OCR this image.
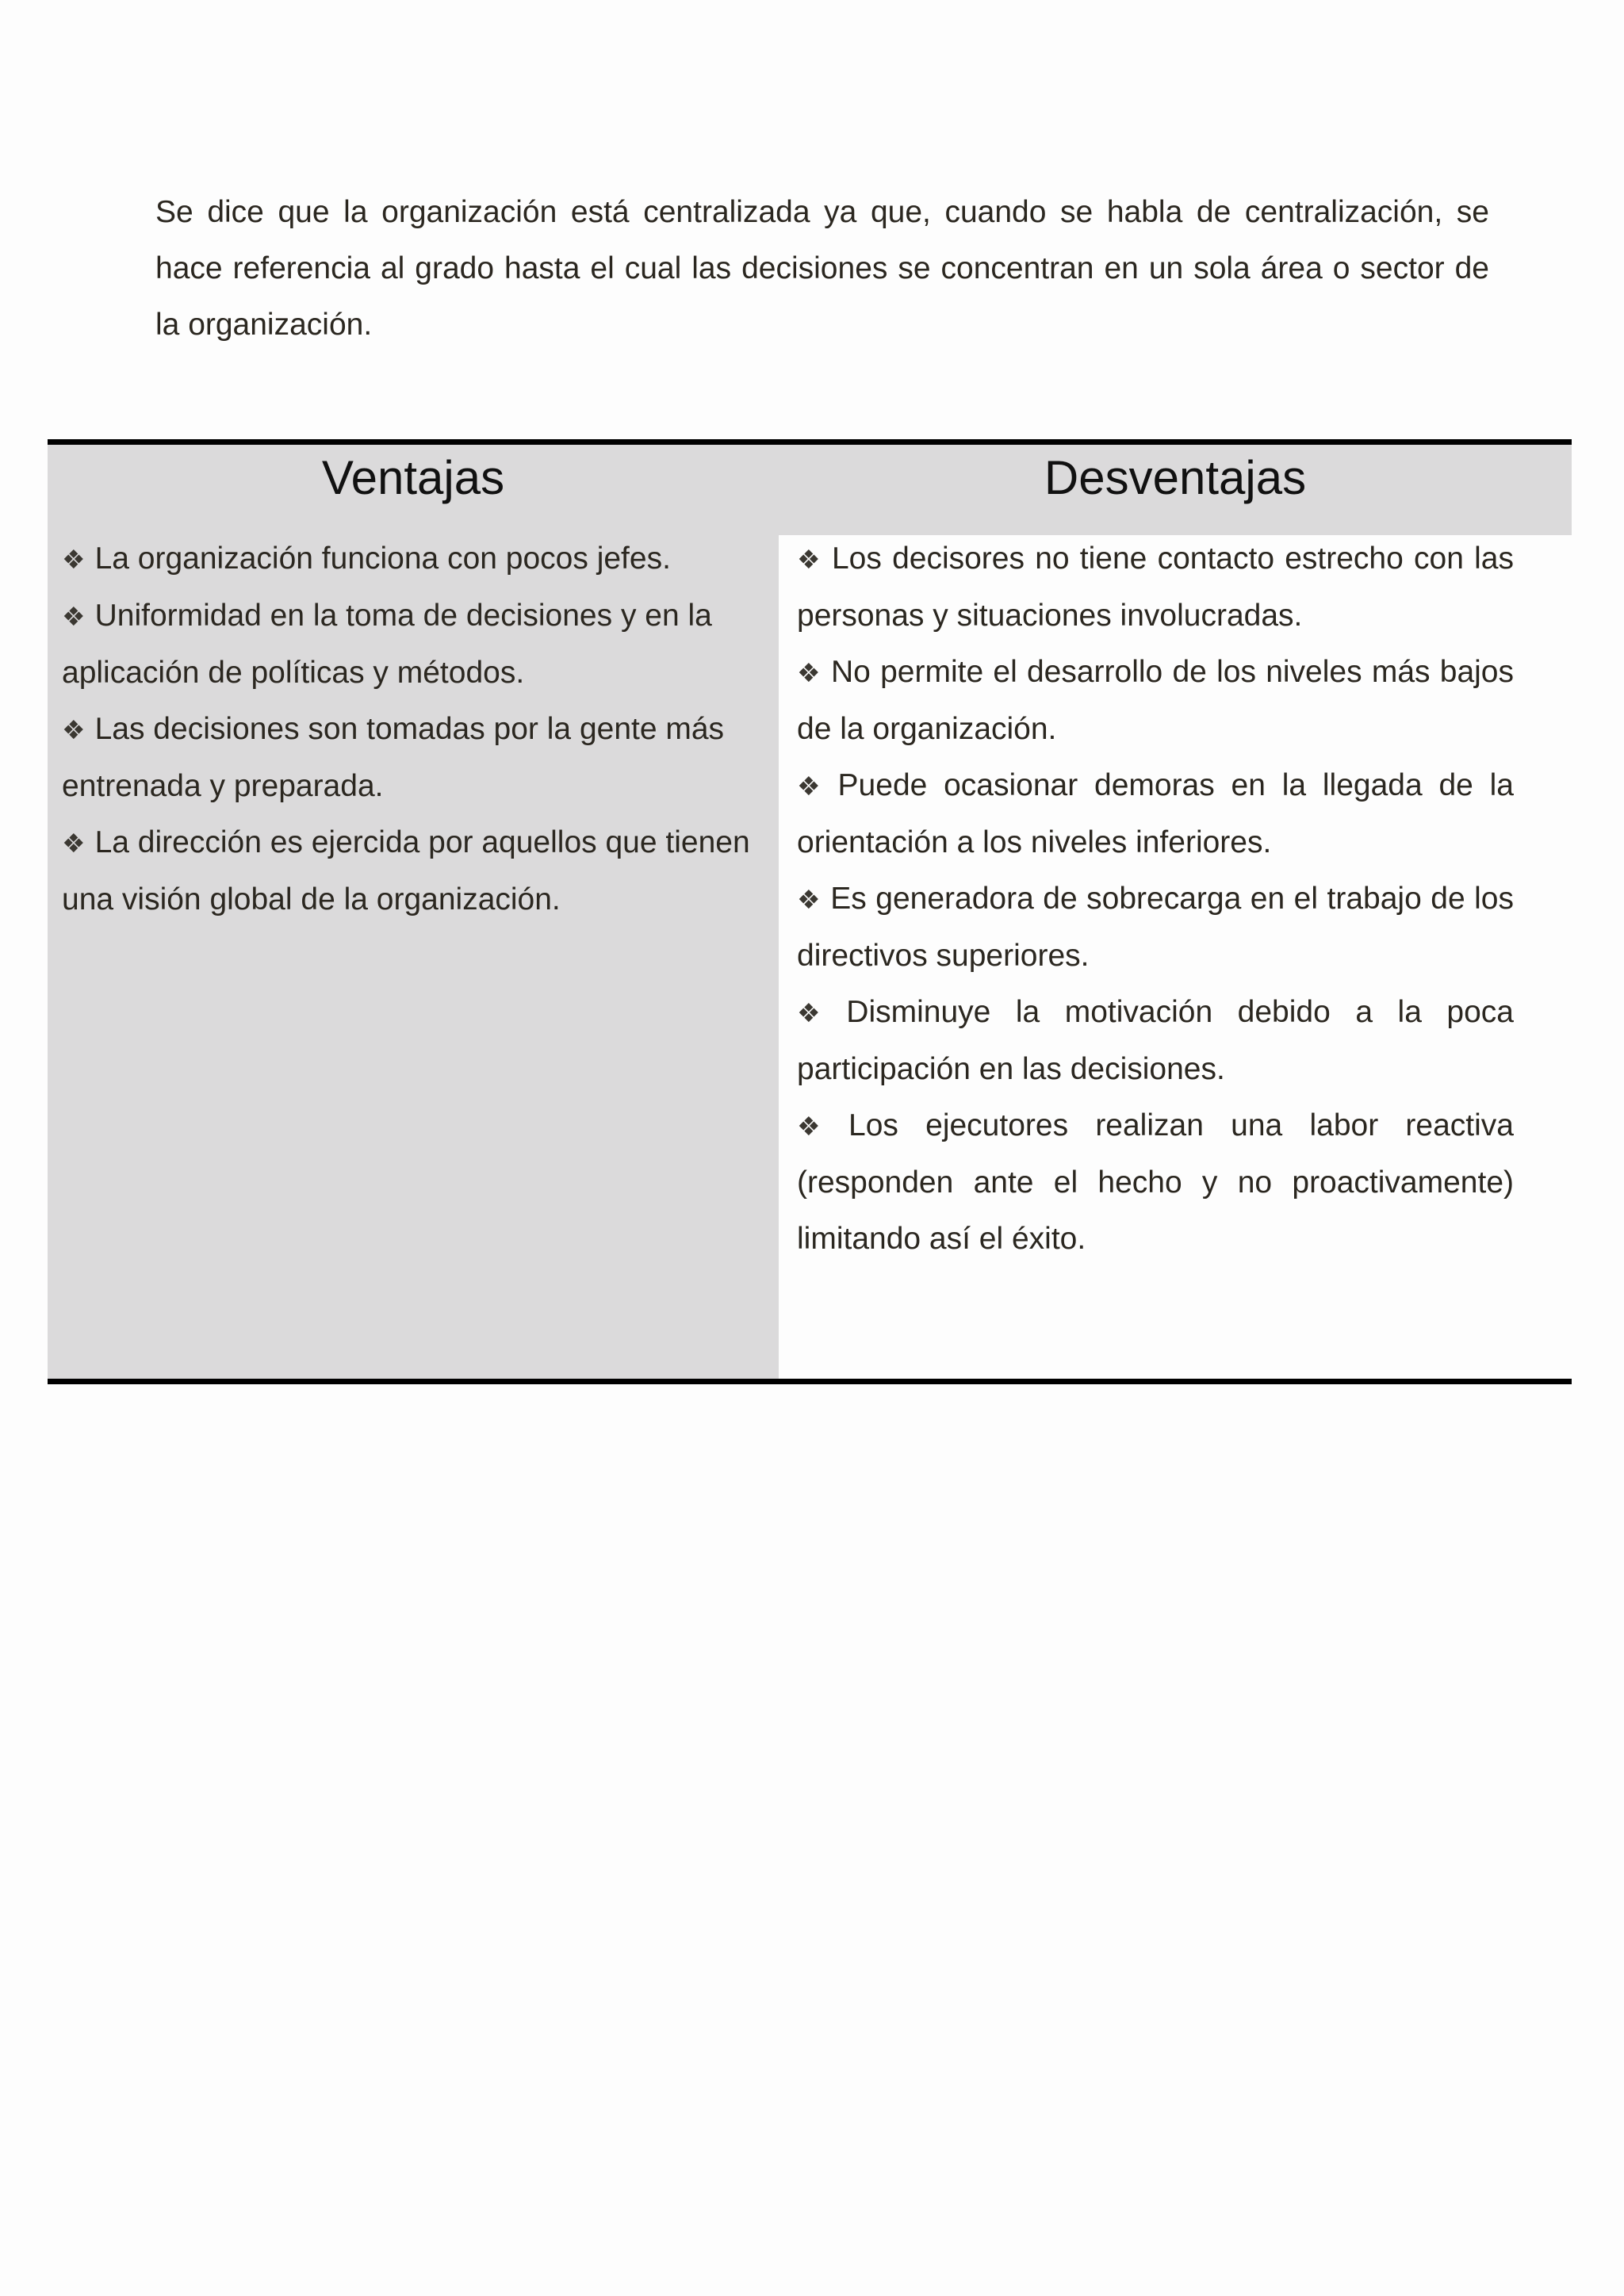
Se dice que la organización está centralizada ya que, cuando se habla de centralización, se hace referencia al grado hasta el cual las decisiones se concentran en un sola área o sector de la organización.

Ventajas	Desventajas
❖ La organización funciona con pocos jefes.
❖ Uniformidad en la toma de decisiones y en la aplicación de políticas y métodos.
❖ Las decisiones son tomadas por la gente más entrenada y preparada.
❖ La dirección es ejercida por aquellos que tienen una visión global de la organización.
❖ Los decisores no tiene contacto estrecho con las personas y situaciones involucradas.
❖ No permite el desarrollo de los niveles más bajos de la organización.
❖ Puede ocasionar demoras en la llegada de la orientación a los niveles inferiores.
❖ Es generadora de sobrecarga en el trabajo de los directivos superiores.
❖ Disminuye la motivación debido a la poca participación en las decisiones.
❖ Los ejecutores realizan una labor reactiva (responden ante el hecho y no proactivamente) limitando así el éxito.
